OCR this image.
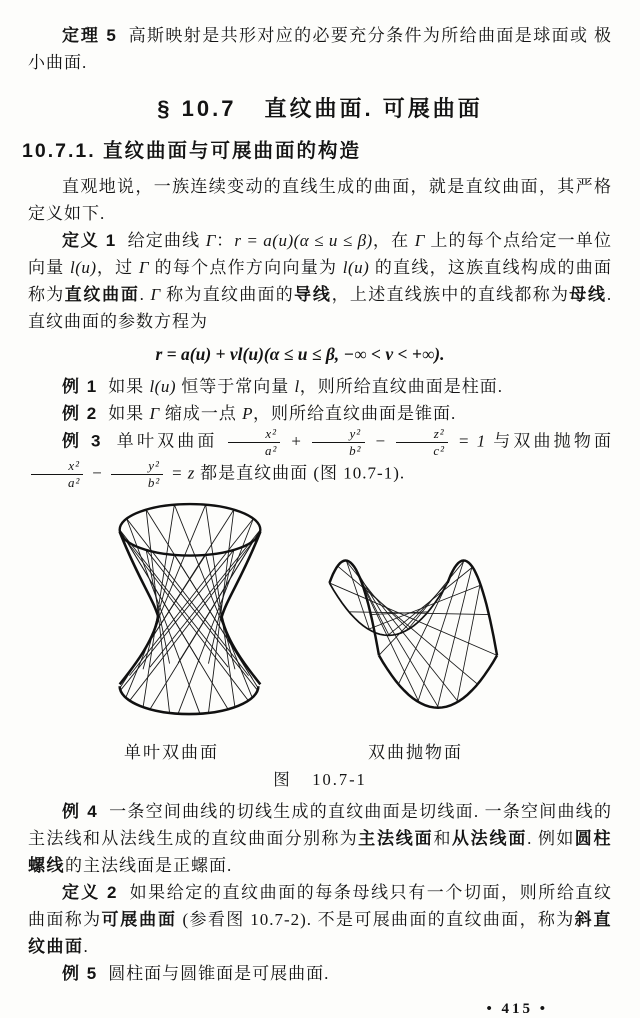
定理 5  高斯映射是共形对应的必要充分条件为所给曲面是球面或 极小曲面.

§ 10.7  直纹曲面. 可展曲面
10.7.1. 直纹曲面与可展曲面的构造

直观地说，一族连续变动的直线生成的曲面，就是直纹曲面，其严格定义如下.

定义 1  给定曲线 Γ：r = a(u)(α ≤ u ≤ β)，在 Γ 上的每个点给定一单位向量 l(u)，过 Γ 的每个点作方向向量为 l(u) 的直线，这族直线构成的曲面称为直纹曲面. Γ 称为直纹曲面的导线，上述直线族中的直线都称为母线. 直纹曲面的参数方程为

r = a(u) + vl(u)(α ≤ u ≤ β, −∞ < v < +∞).

例 1  如果 l(u) 恒等于常向量 l，则所给直纹曲面是柱面.

例 2  如果 Γ 缩成一点 P，则所给直纹曲面是锥面.

例 3  单叶双曲面 $\frac{\text{x²}}{\text{a²}} + \frac{\text{y²}}{\text{b²}} - \frac{\text{z²}}{\text{c²}} = 1$ 与双曲抛物面
$\frac{\text{x²}}{\text{a²}} - \frac{\text{y²}}{\text{b²}} = z$ 都是直纹曲面 (图 10.7-1).

单叶双曲面	双曲抛物面
图  10.7-1

例 4  一条空间曲线的切线生成的直纹曲面是切线面. 一条空间曲线的主法线和从法线生成的直纹曲面分别称为主法线面和从法线面. 例如圆柱螺线的主法线面是正螺面.

定义 2  如果给定的直纹曲面的每条母线只有一个切面，则所给直纹曲面称为可展曲面 (参看图 10.7-2). 不是可展曲面的直纹曲面，称为斜直纹曲面.

例 5  圆柱面与圆锥面是可展曲面.

• 415 •
